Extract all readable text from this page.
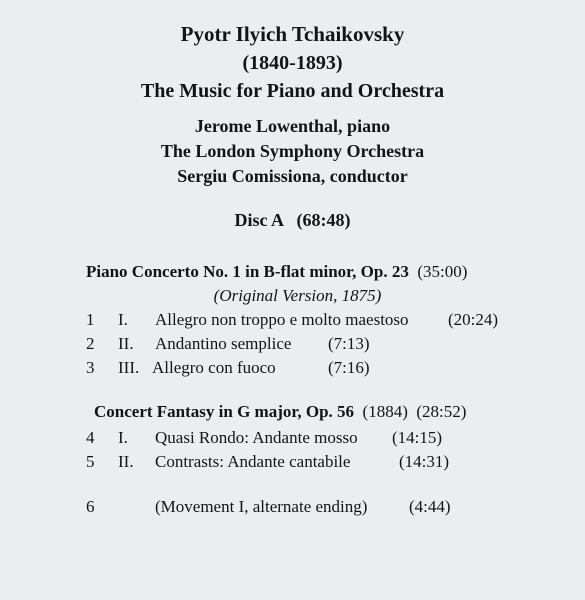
Pyotr Ilyich Tchaikovsky
(1840-1893)
The Music for Piano and Orchestra
Jerome Lowenthal, piano
The London Symphony Orchestra
Sergiu Comissiona, conductor
Disc A   (68:48)
Piano Concerto No. 1 in B-flat minor, Op. 23 (35:00)
(Original Version, 1875)
1 I. Allegro non troppo e molto maestoso (20:24)
2 II. Andantino semplice (7:13)
3 III. Allegro con fuoco	(7:16)
Concert Fantasy in G major, Op. 56 (1884) (28:52)
4 I. Quasi Rondo: Andante mosso (14:15)
5 II. Contrasts: Andante cantabile	(14:31)
6	(Movement I, alternate ending) (4:44)
